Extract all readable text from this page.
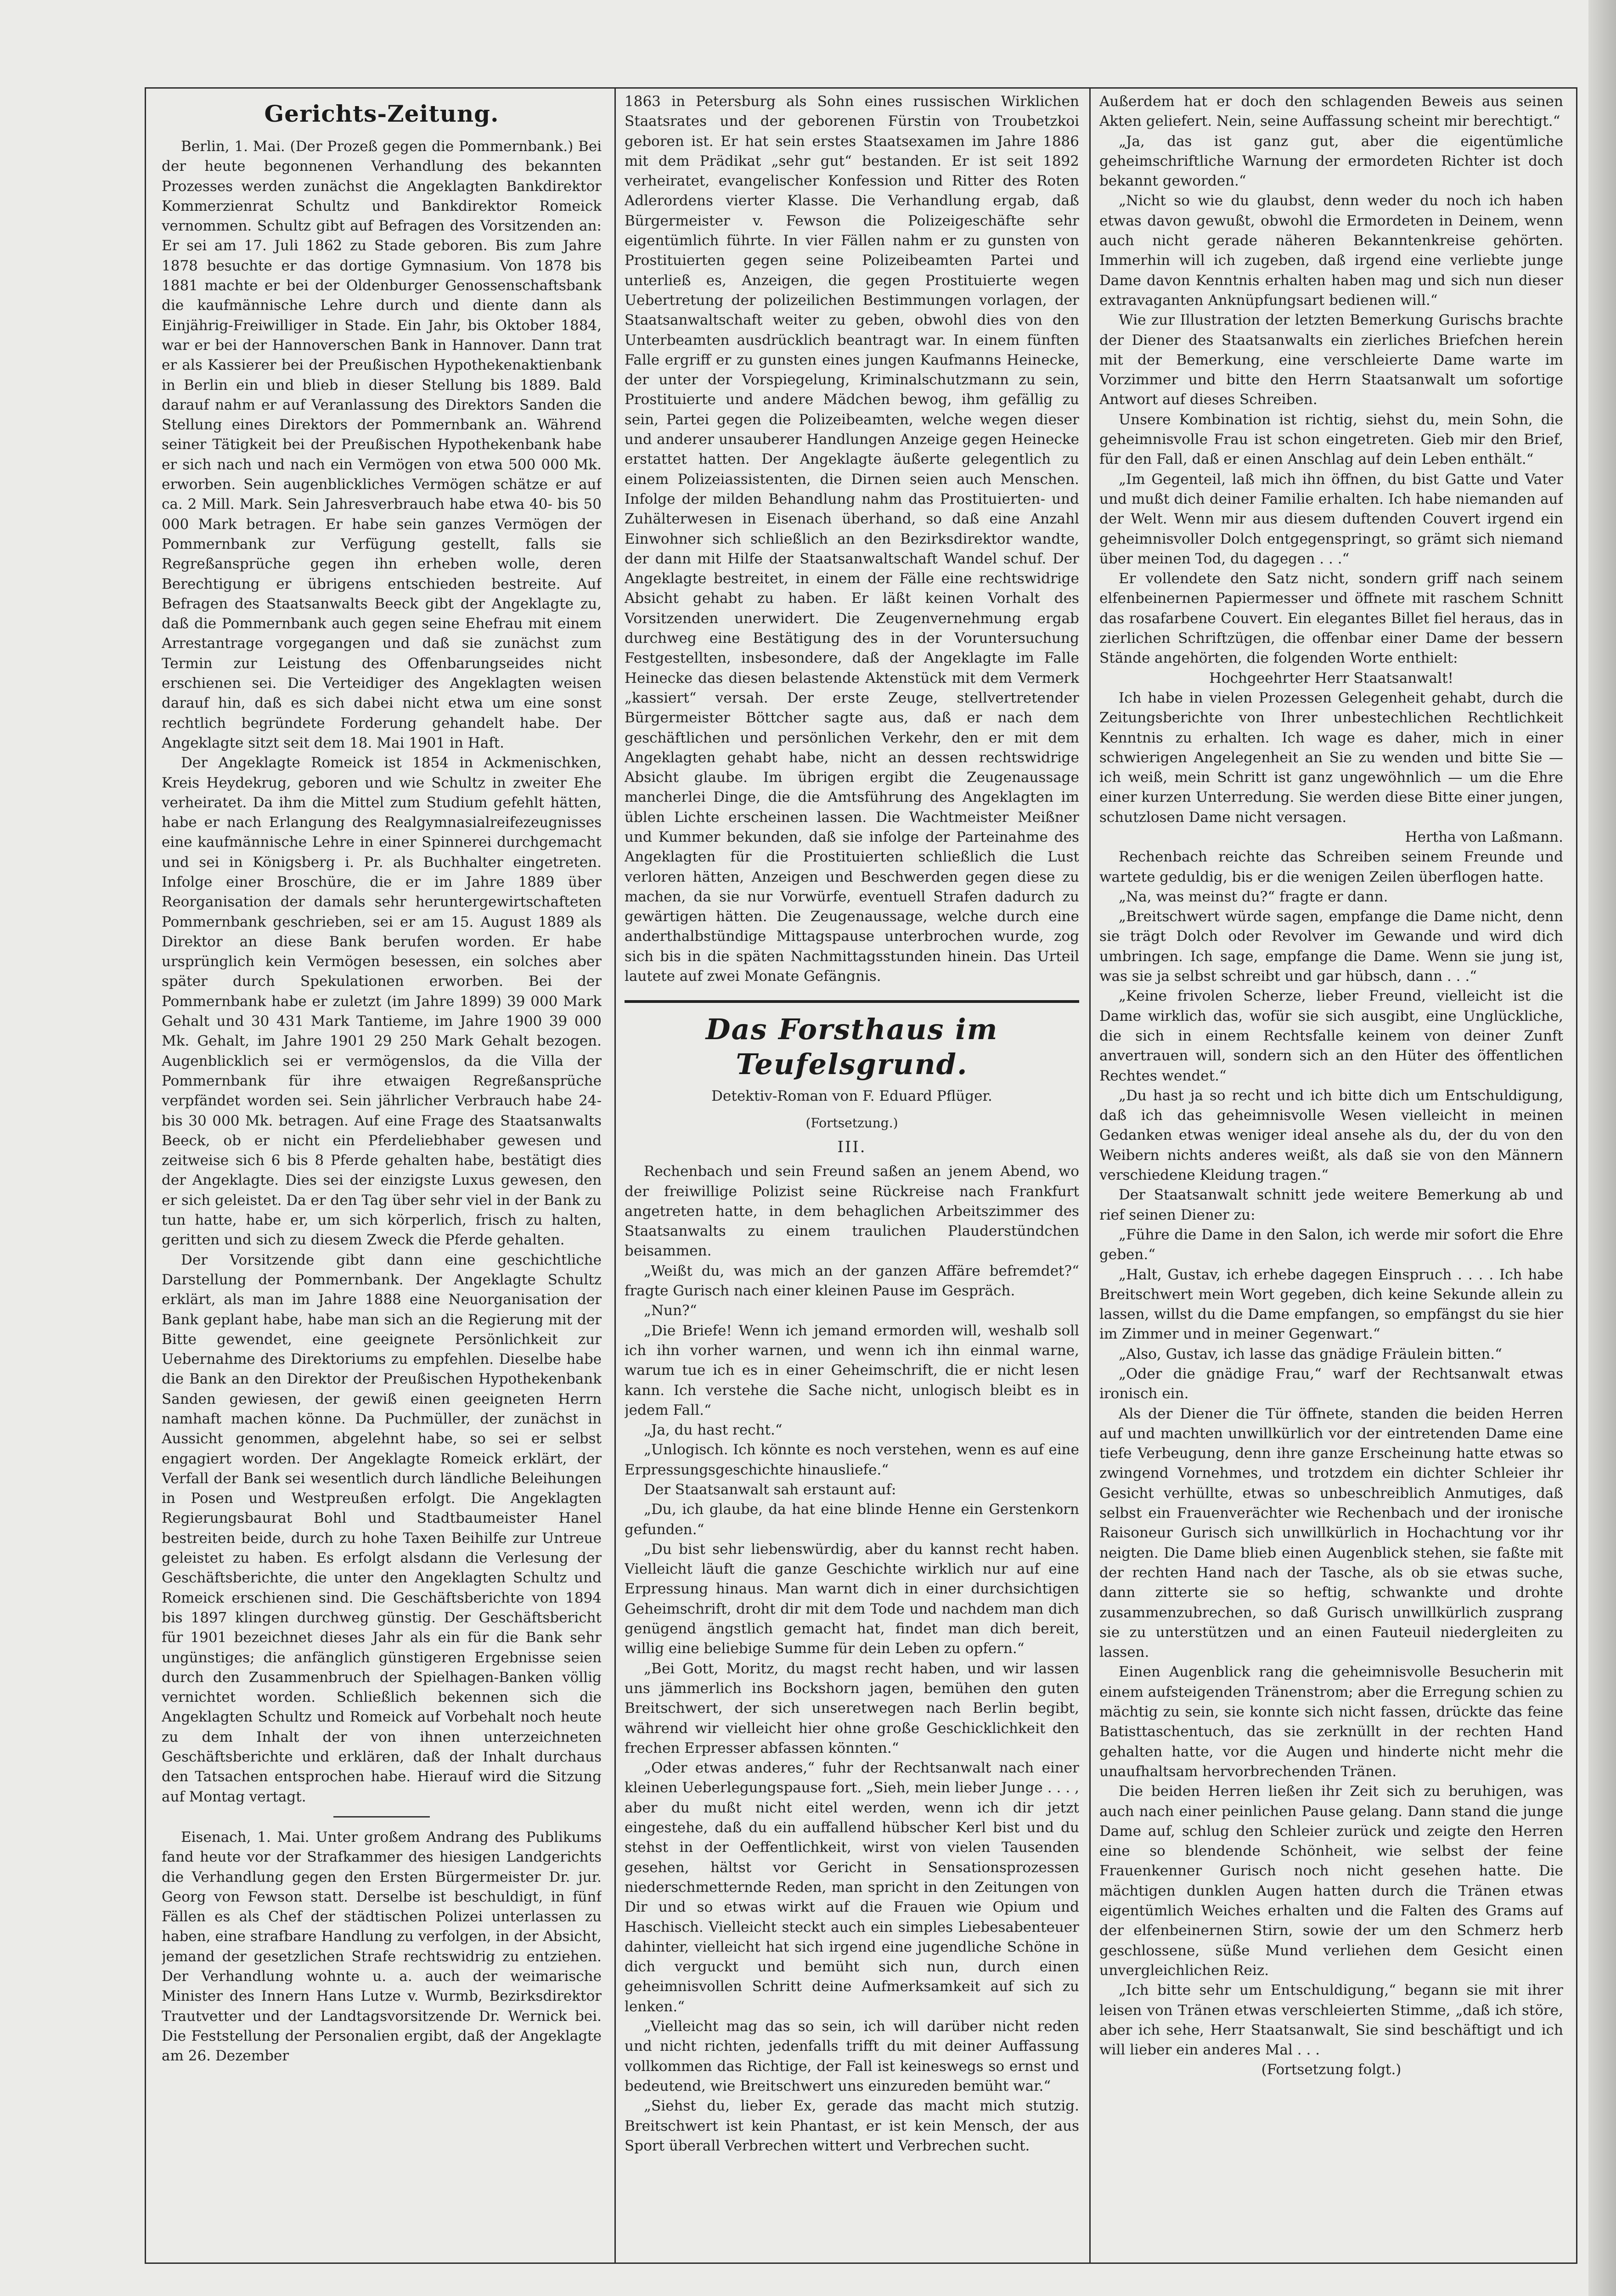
Gerichts-Zeitung.

Berlin, 1. Mai. (Der Prozeß gegen die Pommernbank.) Bei der heute begonnenen Verhandlung des bekannten Prozesses werden zunächst die Angeklagten Bankdirektor Kommerzienrat Schultz und Bankdirektor Romeick vernommen. Schultz gibt auf Befragen des Vorsitzenden an: Er sei am 17. Juli 1862 zu Stade geboren. Bis zum Jahre 1878 besuchte er das dortige Gymnasium. Von 1878 bis 1881 machte er bei der Oldenburger Genossenschaftsbank die kaufmännische Lehre durch und diente dann als Einjährig-Freiwilliger in Stade. Ein Jahr, bis Oktober 1884, war er bei der Hannoverschen Bank in Hannover. Dann trat er als Kassierer bei der Preußischen Hypothekenaktienbank in Berlin ein und blieb in dieser Stellung bis 1889. Bald darauf nahm er auf Veranlassung des Direktors Sanden die Stellung eines Direktors der Pommernbank an. Während seiner Tätigkeit bei der Preußischen Hypothekenbank habe er sich nach und nach ein Vermögen von etwa 500 000 Mk. erworben. Sein augenblickliches Vermögen schätze er auf ca. 2 Mill. Mark. Sein Jahresverbrauch habe etwa 40- bis 50 000 Mark betragen. Er habe sein ganzes Vermögen der Pommernbank zur Verfügung gestellt, falls sie Regreßansprüche gegen ihn erheben wolle, deren Berechtigung er übrigens entschieden bestreite. Auf Befragen des Staatsanwalts Beeck gibt der Angeklagte zu, daß die Pommernbank auch gegen seine Ehefrau mit einem Arrestantrage vorgegangen und daß sie zunächst zum Termin zur Leistung des Offenbarungseides nicht erschienen sei. Die Verteidiger des Angeklagten weisen darauf hin, daß es sich dabei nicht etwa um eine sonst rechtlich begründete Forderung gehandelt habe. Der Angeklagte sitzt seit dem 18. Mai 1901 in Haft.

Der Angeklagte Romeick ist 1854 in Ackmenischken, Kreis Heydekrug, geboren und wie Schultz in zweiter Ehe verheiratet. Da ihm die Mittel zum Studium gefehlt hätten, habe er nach Erlangung des Realgymnasialreifezeugnisses eine kaufmännische Lehre in einer Spinnerei durchgemacht und sei in Königsberg i. Pr. als Buchhalter eingetreten. Infolge einer Broschüre, die er im Jahre 1889 über Reorganisation der damals sehr heruntergewirtschafteten Pommernbank geschrieben, sei er am 15. August 1889 als Direktor an diese Bank berufen worden. Er habe ursprünglich kein Vermögen besessen, ein solches aber später durch Spekulationen erworben. Bei der Pommernbank habe er zuletzt (im Jahre 1899) 39 000 Mark Gehalt und 30 431 Mark Tantieme, im Jahre 1900 39 000 Mk. Gehalt, im Jahre 1901 29 250 Mark Gehalt bezogen. Augenblicklich sei er vermögenslos, da die Villa der Pommernbank für ihre etwaigen Regreßansprüche verpfändet worden sei. Sein jährlicher Verbrauch habe 24- bis 30 000 Mk. betragen. Auf eine Frage des Staatsanwalts Beeck, ob er nicht ein Pferdeliebhaber gewesen und zeitweise sich 6 bis 8 Pferde gehalten habe, bestätigt dies der Angeklagte. Dies sei der einzigste Luxus gewesen, den er sich geleistet. Da er den Tag über sehr viel in der Bank zu tun hatte, habe er, um sich körperlich, frisch zu halten, geritten und sich zu diesem Zweck die Pferde gehalten.

Der Vorsitzende gibt dann eine geschichtliche Darstellung der Pommernbank. Der Angeklagte Schultz erklärt, als man im Jahre 1888 eine Neuorganisation der Bank geplant habe, habe man sich an die Regierung mit der Bitte gewendet, eine geeignete Persönlichkeit zur Uebernahme des Direktoriums zu empfehlen. Dieselbe habe die Bank an den Direktor der Preußischen Hypothekenbank Sanden gewiesen, der gewiß einen geeigneten Herrn namhaft machen könne. Da Puchmüller, der zunächst in Aussicht genommen, abgelehnt habe, so sei er selbst engagiert worden. Der Angeklagte Romeick erklärt, der Verfall der Bank sei wesentlich durch ländliche Beleihungen in Posen und Westpreußen erfolgt. Die Angeklagten Regierungsbaurat Bohl und Stadtbaumeister Hanel bestreiten beide, durch zu hohe Taxen Beihilfe zur Untreue geleistet zu haben. Es erfolgt alsdann die Verlesung der Geschäftsberichte, die unter den Angeklagten Schultz und Romeick erschienen sind. Die Geschäftsberichte von 1894 bis 1897 klingen durchweg günstig. Der Geschäftsbericht für 1901 bezeichnet dieses Jahr als ein für die Bank sehr ungünstiges; die anfänglich günstigeren Ergebnisse seien durch den Zusammenbruch der Spielhagen-Banken völlig vernichtet worden. Schließlich bekennen sich die Angeklagten Schultz und Romeick auf Vorbehalt noch heute zu dem Inhalt der von ihnen unterzeichneten Geschäftsberichte und erklären, daß der Inhalt durchaus den Tatsachen entsprochen habe. Hierauf wird die Sitzung auf Montag vertagt.

Eisenach, 1. Mai. Unter großem Andrang des Publikums fand heute vor der Strafkammer des hiesigen Landgerichts die Verhandlung gegen den Ersten Bürgermeister Dr. jur. Georg von Fewson statt. Derselbe ist beschuldigt, in fünf Fällen es als Chef der städtischen Polizei unterlassen zu haben, eine strafbare Handlung zu verfolgen, in der Absicht, jemand der gesetzlichen Strafe rechtswidrig zu entziehen. Der Verhandlung wohnte u. a. auch der weimarische Minister des Innern Hans Lutze v. Wurmb, Bezirksdirektor Trautvetter und der Landtagsvorsitzende Dr. Wernick bei. Die Feststellung der Personalien ergibt, daß der Angeklagte am 26. Dezember

1863 in Petersburg als Sohn eines russischen Wirklichen Staatsrates und der geborenen Fürstin von Troubetzkoi geboren ist. Er hat sein erstes Staatsexamen im Jahre 1886 mit dem Prädikat „sehr gut“ bestanden. Er ist seit 1892 verheiratet, evangelischer Konfession und Ritter des Roten Adlerordens vierter Klasse. Die Verhandlung ergab, daß Bürgermeister v. Fewson die Polizeigeschäfte sehr eigentümlich führte. In vier Fällen nahm er zu gunsten von Prostituierten gegen seine Polizeibeamten Partei und unterließ es, Anzeigen, die gegen Prostituierte wegen Uebertretung der polizeilichen Bestimmungen vorlagen, der Staatsanwaltschaft weiter zu geben, obwohl dies von den Unterbeamten ausdrücklich beantragt war. In einem fünften Falle ergriff er zu gunsten eines jungen Kaufmanns Heinecke, der unter der Vorspiegelung, Kriminalschutzmann zu sein, Prostituierte und andere Mädchen bewog, ihm gefällig zu sein, Partei gegen die Polizeibeamten, welche wegen dieser und anderer unsauberer Handlungen Anzeige gegen Heinecke erstattet hatten. Der Angeklagte äußerte gelegentlich zu einem Polizeiassistenten, die Dirnen seien auch Menschen. Infolge der milden Behandlung nahm das Prostituierten- und Zuhälterwesen in Eisenach überhand, so daß eine Anzahl Einwohner sich schließlich an den Bezirksdirektor wandte, der dann mit Hilfe der Staatsanwaltschaft Wandel schuf. Der Angeklagte bestreitet, in einem der Fälle eine rechtswidrige Absicht gehabt zu haben. Er läßt keinen Vorhalt des Vorsitzenden unerwidert. Die Zeugenvernehmung ergab durchweg eine Bestätigung des in der Voruntersuchung Festgestellten, insbesondere, daß der Angeklagte im Falle Heinecke das diesen belastende Aktenstück mit dem Vermerk „kassiert“ versah. Der erste Zeuge, stellvertretender Bürgermeister Böttcher sagte aus, daß er nach dem geschäftlichen und persönlichen Verkehr, den er mit dem Angeklagten gehabt habe, nicht an dessen rechtswidrige Absicht glaube. Im übrigen ergibt die Zeugenaussage mancherlei Dinge, die die Amtsführung des Angeklagten im üblen Lichte erscheinen lassen. Die Wachtmeister Meißner und Kummer bekunden, daß sie infolge der Parteinahme des Angeklagten für die Prostituierten schließlich die Lust verloren hätten, Anzeigen und Beschwerden gegen diese zu machen, da sie nur Vorwürfe, eventuell Strafen dadurch zu gewärtigen hätten. Die Zeugenaussage, welche durch eine anderthalbstündige Mittagspause unterbrochen wurde, zog sich bis in die späten Nachmittagsstunden hinein. Das Urteil lautete auf zwei Monate Gefängnis.

Das Forsthaus im Teufelsgrund.
Detektiv-Roman von F. Eduard Pflüger.
(Fortsetzung.)
III.

Rechenbach und sein Freund saßen an jenem Abend, wo der freiwillige Polizist seine Rückreise nach Frankfurt angetreten hatte, in dem behaglichen Arbeitszimmer des Staatsanwalts zu einem traulichen Plauderstündchen beisammen.

„Weißt du, was mich an der ganzen Affäre befremdet?“ fragte Gurisch nach einer kleinen Pause im Gespräch.

„Nun?“

„Die Briefe! Wenn ich jemand ermorden will, weshalb soll ich ihn vorher warnen, und wenn ich ihn einmal warne, warum tue ich es in einer Geheimschrift, die er nicht lesen kann. Ich verstehe die Sache nicht, unlogisch bleibt es in jedem Fall.“

„Ja, du hast recht.“

„Unlogisch. Ich könnte es noch verstehen, wenn es auf eine Erpressungsgeschichte hinausliefe.“

Der Staatsanwalt sah erstaunt auf:

„Du, ich glaube, da hat eine blinde Henne ein Gerstenkorn gefunden.“

„Du bist sehr liebenswürdig, aber du kannst recht haben. Vielleicht läuft die ganze Geschichte wirklich nur auf eine Erpressung hinaus. Man warnt dich in einer durchsichtigen Geheimschrift, droht dir mit dem Tode und nachdem man dich genügend ängstlich gemacht hat, findet man dich bereit, willig eine beliebige Summe für dein Leben zu opfern.“

„Bei Gott, Moritz, du magst recht haben, und wir lassen uns jämmerlich ins Bockshorn jagen, bemühen den guten Breitschwert, der sich unseretwegen nach Berlin begibt, während wir vielleicht hier ohne große Geschicklichkeit den frechen Erpresser abfassen könnten.“

„Oder etwas anderes,“ fuhr der Rechtsanwalt nach einer kleinen Ueberlegungspause fort. „Sieh, mein lieber Junge . . . , aber du mußt nicht eitel werden, wenn ich dir jetzt eingestehe, daß du ein auffallend hübscher Kerl bist und du stehst in der Oeffentlichkeit, wirst von vielen Tausenden gesehen, hältst vor Gericht in Sensationsprozessen niederschmetternde Reden, man spricht in den Zeitungen von Dir und so etwas wirkt auf die Frauen wie Opium und Haschisch. Vielleicht steckt auch ein simples Liebesabenteuer dahinter, vielleicht hat sich irgend eine jugendliche Schöne in dich verguckt und bemüht sich nun, durch einen geheimnisvollen Schritt deine Aufmerksamkeit auf sich zu lenken.“

„Vielleicht mag das so sein, ich will darüber nicht reden und nicht richten, jedenfalls trifft du mit deiner Auffassung vollkommen das Richtige, der Fall ist keineswegs so ernst und bedeutend, wie Breitschwert uns einzureden bemüht war.“

„Siehst du, lieber Ex, gerade das macht mich stutzig. Breitschwert ist kein Phantast, er ist kein Mensch, der aus Sport überall Verbrechen wittert und Verbrechen sucht.

Außerdem hat er doch den schlagenden Beweis aus seinen Akten geliefert. Nein, seine Auffassung scheint mir berechtigt.“

„Ja, das ist ganz gut, aber die eigentümliche geheimschriftliche Warnung der ermordeten Richter ist doch bekannt geworden.“

„Nicht so wie du glaubst, denn weder du noch ich haben etwas davon gewußt, obwohl die Ermordeten in Deinem, wenn auch nicht gerade näheren Bekanntenkreise gehörten. Immerhin will ich zugeben, daß irgend eine verliebte junge Dame davon Kenntnis erhalten haben mag und sich nun dieser extravaganten Anknüpfungsart bedienen will.“

Wie zur Illustration der letzten Bemerkung Gurischs brachte der Diener des Staatsanwalts ein zierliches Briefchen herein mit der Bemerkung, eine verschleierte Dame warte im Vorzimmer und bitte den Herrn Staatsanwalt um sofortige Antwort auf dieses Schreiben.

Unsere Kombination ist richtig, siehst du, mein Sohn, die geheimnisvolle Frau ist schon eingetreten. Gieb mir den Brief, für den Fall, daß er einen Anschlag auf dein Leben enthält.“

„Im Gegenteil, laß mich ihn öffnen, du bist Gatte und Vater und mußt dich deiner Familie erhalten. Ich habe niemanden auf der Welt. Wenn mir aus diesem duftenden Couvert irgend ein geheimnisvoller Dolch entgegenspringt, so grämt sich niemand über meinen Tod, du dagegen . . .“

Er vollendete den Satz nicht, sondern griff nach seinem elfenbeinernen Papiermesser und öffnete mit raschem Schnitt das rosafarbene Couvert. Ein elegantes Billet fiel heraus, das in zierlichen Schriftzügen, die offenbar einer Dame der bessern Stände angehörten, die folgenden Worte enthielt:

Hochgeehrter Herr Staatsanwalt!

Ich habe in vielen Prozessen Gelegenheit gehabt, durch die Zeitungsberichte von Ihrer unbestechlichen Rechtlichkeit Kenntnis zu erhalten. Ich wage es daher, mich in einer schwierigen Angelegenheit an Sie zu wenden und bitte Sie — ich weiß, mein Schritt ist ganz ungewöhnlich — um die Ehre einer kurzen Unterredung. Sie werden diese Bitte einer jungen, schutzlosen Dame nicht versagen.

Hertha von Laßmann.

Rechenbach reichte das Schreiben seinem Freunde und wartete geduldig, bis er die wenigen Zeilen überflogen hatte.

„Na, was meinst du?“ fragte er dann.

„Breitschwert würde sagen, empfange die Dame nicht, denn sie trägt Dolch oder Revolver im Gewande und wird dich umbringen. Ich sage, empfange die Dame. Wenn sie jung ist, was sie ja selbst schreibt und gar hübsch, dann . . .“

„Keine frivolen Scherze, lieber Freund, vielleicht ist die Dame wirklich das, wofür sie sich ausgibt, eine Unglückliche, die sich in einem Rechtsfalle keinem von deiner Zunft anvertrauen will, sondern sich an den Hüter des öffentlichen Rechtes wendet.“

„Du hast ja so recht und ich bitte dich um Entschuldigung, daß ich das geheimnisvolle Wesen vielleicht in meinen Gedanken etwas weniger ideal ansehe als du, der du von den Weibern nichts anderes weißt, als daß sie von den Männern verschiedene Kleidung tragen.“

Der Staatsanwalt schnitt jede weitere Bemerkung ab und rief seinen Diener zu:

„Führe die Dame in den Salon, ich werde mir sofort die Ehre geben.“

„Halt, Gustav, ich erhebe dagegen Einspruch . . . . Ich habe Breitschwert mein Wort gegeben, dich keine Sekunde allein zu lassen, willst du die Dame empfangen, so empfängst du sie hier im Zimmer und in meiner Gegenwart.“

„Also, Gustav, ich lasse das gnädige Fräulein bitten.“

„Oder die gnädige Frau,“ warf der Rechtsanwalt etwas ironisch ein.

Als der Diener die Tür öffnete, standen die beiden Herren auf und machten unwillkürlich vor der eintretenden Dame eine tiefe Verbeugung, denn ihre ganze Erscheinung hatte etwas so zwingend Vornehmes, und trotzdem ein dichter Schleier ihr Gesicht verhüllte, etwas so unbeschreiblich Anmutiges, daß selbst ein Frauenverächter wie Rechenbach und der ironische Raisoneur Gurisch sich unwillkürlich in Hochachtung vor ihr neigten. Die Dame blieb einen Augenblick stehen, sie faßte mit der rechten Hand nach der Tasche, als ob sie etwas suche, dann zitterte sie so heftig, schwankte und drohte zusammenzubrechen, so daß Gurisch unwillkürlich zusprang sie zu unterstützen und an einen Fauteuil niedergleiten zu lassen.

Einen Augenblick rang die geheimnisvolle Besucherin mit einem aufsteigenden Tränenstrom; aber die Erregung schien zu mächtig zu sein, sie konnte sich nicht fassen, drückte das feine Batisttaschentuch, das sie zerknüllt in der rechten Hand gehalten hatte, vor die Augen und hinderte nicht mehr die unaufhaltsam hervorbrechenden Tränen.

Die beiden Herren ließen ihr Zeit sich zu beruhigen, was auch nach einer peinlichen Pause gelang. Dann stand die junge Dame auf, schlug den Schleier zurück und zeigte den Herren eine so blendende Schönheit, wie selbst der feine Frauenkenner Gurisch noch nicht gesehen hatte. Die mächtigen dunklen Augen hatten durch die Tränen etwas eigentümlich Weiches erhalten und die Falten des Grams auf der elfenbeinernen Stirn, sowie der um den Schmerz herb geschlossene, süße Mund verliehen dem Gesicht einen unvergleichlichen Reiz.

„Ich bitte sehr um Entschuldigung,“ begann sie mit ihrer leisen von Tränen etwas verschleierten Stimme, „daß ich störe, aber ich sehe, Herr Staatsanwalt, Sie sind beschäftigt und ich will lieber ein anderes Mal . . .

(Fortsetzung folgt.)
